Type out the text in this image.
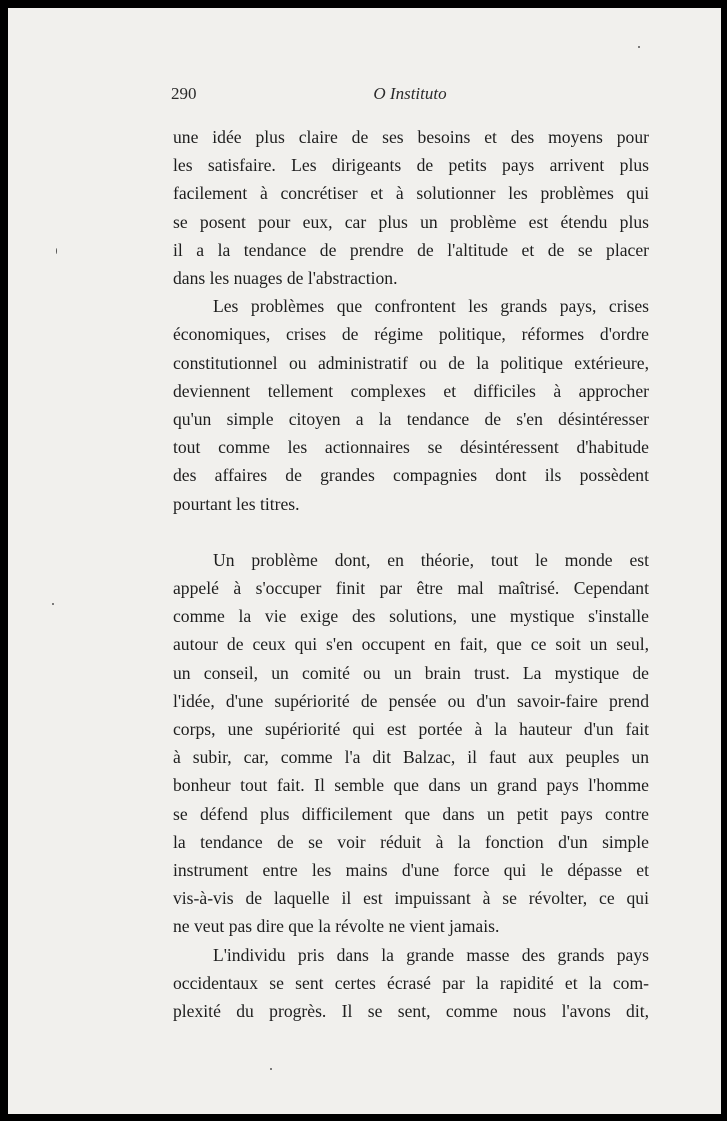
290	O Instituto
une idée plus claire de ses besoins et des moyens pour
les satisfaire. Les dirigeants de petits pays arrivent plus
facilement à concrétiser et à solutionner les problèmes qui
se posent pour eux, car plus un problème est étendu plus
il a la tendance de prendre de l'altitude et de se placer
dans les nuages de l'abstraction.
Les problèmes que confrontent les grands pays, crises
économiques, crises de régime politique, réformes d'ordre
constitutionnel ou administratif ou de la politique extérieure,
deviennent tellement complexes et difficiles à approcher
qu'un simple citoyen a la tendance de s'en désintéresser
tout comme les actionnaires se désintéressent d'habitude
des affaires de grandes compagnies dont ils possèdent
pourtant les titres.
Un problème dont, en théorie, tout le monde est
appelé à s'occuper finit par être mal maîtrisé. Cependant
comme la vie exige des solutions, une mystique s'installe
autour de ceux qui s'en occupent en fait, que ce soit un seul,
un conseil, un comité ou un brain trust. La mystique de
l'idée, d'une supériorité de pensée ou d'un savoir-faire prend
corps, une supériorité qui est portée à la hauteur d'un fait
à subir, car, comme l'a dit Balzac, il faut aux peuples un
bonheur tout fait. Il semble que dans un grand pays l'homme
se défend plus difficilement que dans un petit pays contre
la tendance de se voir réduit à la fonction d'un simple
instrument entre les mains d'une force qui le dépasse et
vis-à-vis de laquelle il est impuissant à se révolter, ce qui
ne veut pas dire que la révolte ne vient jamais.
L'individu pris dans la grande masse des grands pays
occidentaux se sent certes écrasé par la rapidité et la com-
plexité du progrès. Il se sent, comme nous l'avons dit,
